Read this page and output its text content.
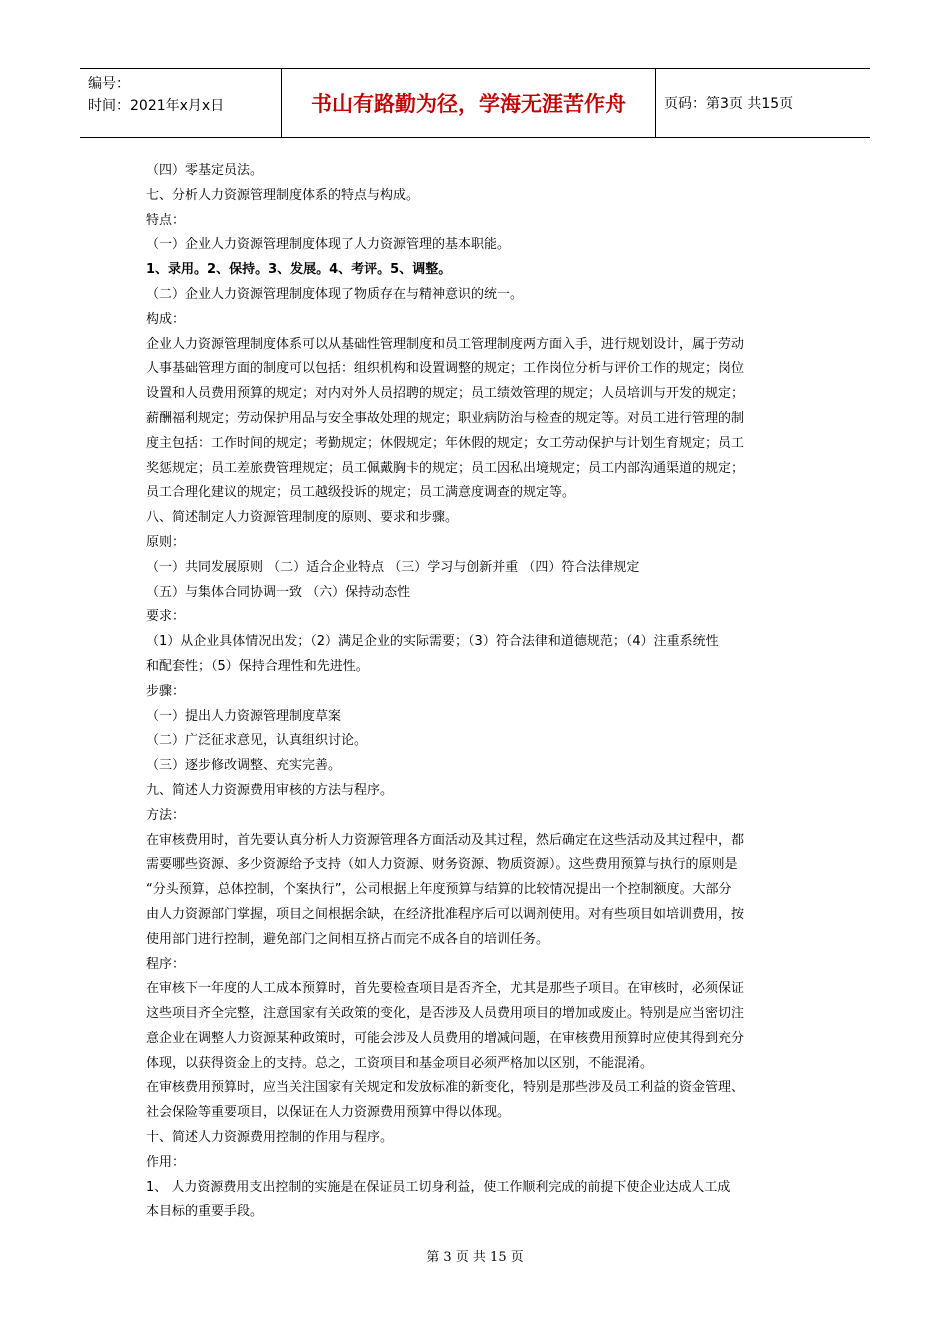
编号：
时间：2021年x月x日	书山有路勤为径，学海无涯苦作舟	页码：第3页 共15页
（四）零基定员法。
七、分析人力资源管理制度体系的特点与构成。
特点：
（一）企业人力资源管理制度体现了人力资源管理的基本职能。
1、录用。2、保持。3、发展。4、考评。5、调整。
（二）企业人力资源管理制度体现了物质存在与精神意识的统一。
构成：
企业人力资源管理制度体系可以从基础性管理制度和员工管理制度两方面入手，进行规划设计，属于劳动
人事基础管理方面的制度可以包括：组织机构和设置调整的规定；工作岗位分析与评价工作的规定；岗位
设置和人员费用预算的规定；对内对外人员招聘的规定；员工绩效管理的规定；人员培训与开发的规定；
薪酬福利规定；劳动保护用品与安全事故处理的规定；职业病防治与检查的规定等。对员工进行管理的制
度主包括：工作时间的规定；考勤规定；休假规定；年休假的规定；女工劳动保护与计划生育规定；员工
奖惩规定；员工差旅费管理规定；员工佩戴胸卡的规定；员工因私出境规定；员工内部沟通渠道的规定；
员工合理化建议的规定；员工越级投诉的规定；员工满意度调查的规定等。
八、简述制定人力资源管理制度的原则、要求和步骤。
原则：
（一）共同发展原则 （二）适合企业特点 （三）学习与创新并重 （四）符合法律规定
（五）与集体合同协调一致 （六）保持动态性
要求：
（1）从企业具体情况出发；（2）满足企业的实际需要；（3）符合法律和道德规范；（4）注重系统性
和配套性；（5）保持合理性和先进性。
步骤：
（一）提出人力资源管理制度草案
（二）广泛征求意见，认真组织讨论。
（三）逐步修改调整、充实完善。
九、简述人力资源费用审核的方法与程序。
方法：
在审核费用时，首先要认真分析人力资源管理各方面活动及其过程，然后确定在这些活动及其过程中，都
需要哪些资源、多少资源给予支持（如人力资源、财务资源、物质资源）。这些费用预算与执行的原则是
“分头预算，总体控制，个案执行”，公司根据上年度预算与结算的比较情况提出一个控制额度。大部分
由人力资源部门掌握，项目之间根据余缺，在经济批准程序后可以调剂使用。对有些项目如培训费用，按
使用部门进行控制，避免部门之间相互挤占而完不成各自的培训任务。
程序：
在审核下一年度的人工成本预算时，首先要检查项目是否齐全，尤其是那些子项目。在审核时，必须保证
这些项目齐全完整，注意国家有关政策的变化，是否涉及人员费用项目的增加或废止。特别是应当密切注
意企业在调整人力资源某种政策时，可能会涉及人员费用的增减问题，在审核费用预算时应使其得到充分
体现，以获得资金上的支持。总之，工资项目和基金项目必须严格加以区别，不能混淆。
在审核费用预算时，应当关注国家有关规定和发放标准的新变化，特别是那些涉及员工利益的资金管理、
社会保险等重要项目，以保证在人力资源费用预算中得以体现。
十、简述人力资源费用控制的作用与程序。
作用：
1、 人力资源费用支出控制的实施是在保证员工切身利益，使工作顺利完成的前提下使企业达成人工成
本目标的重要手段。
第 3 页 共 15 页
